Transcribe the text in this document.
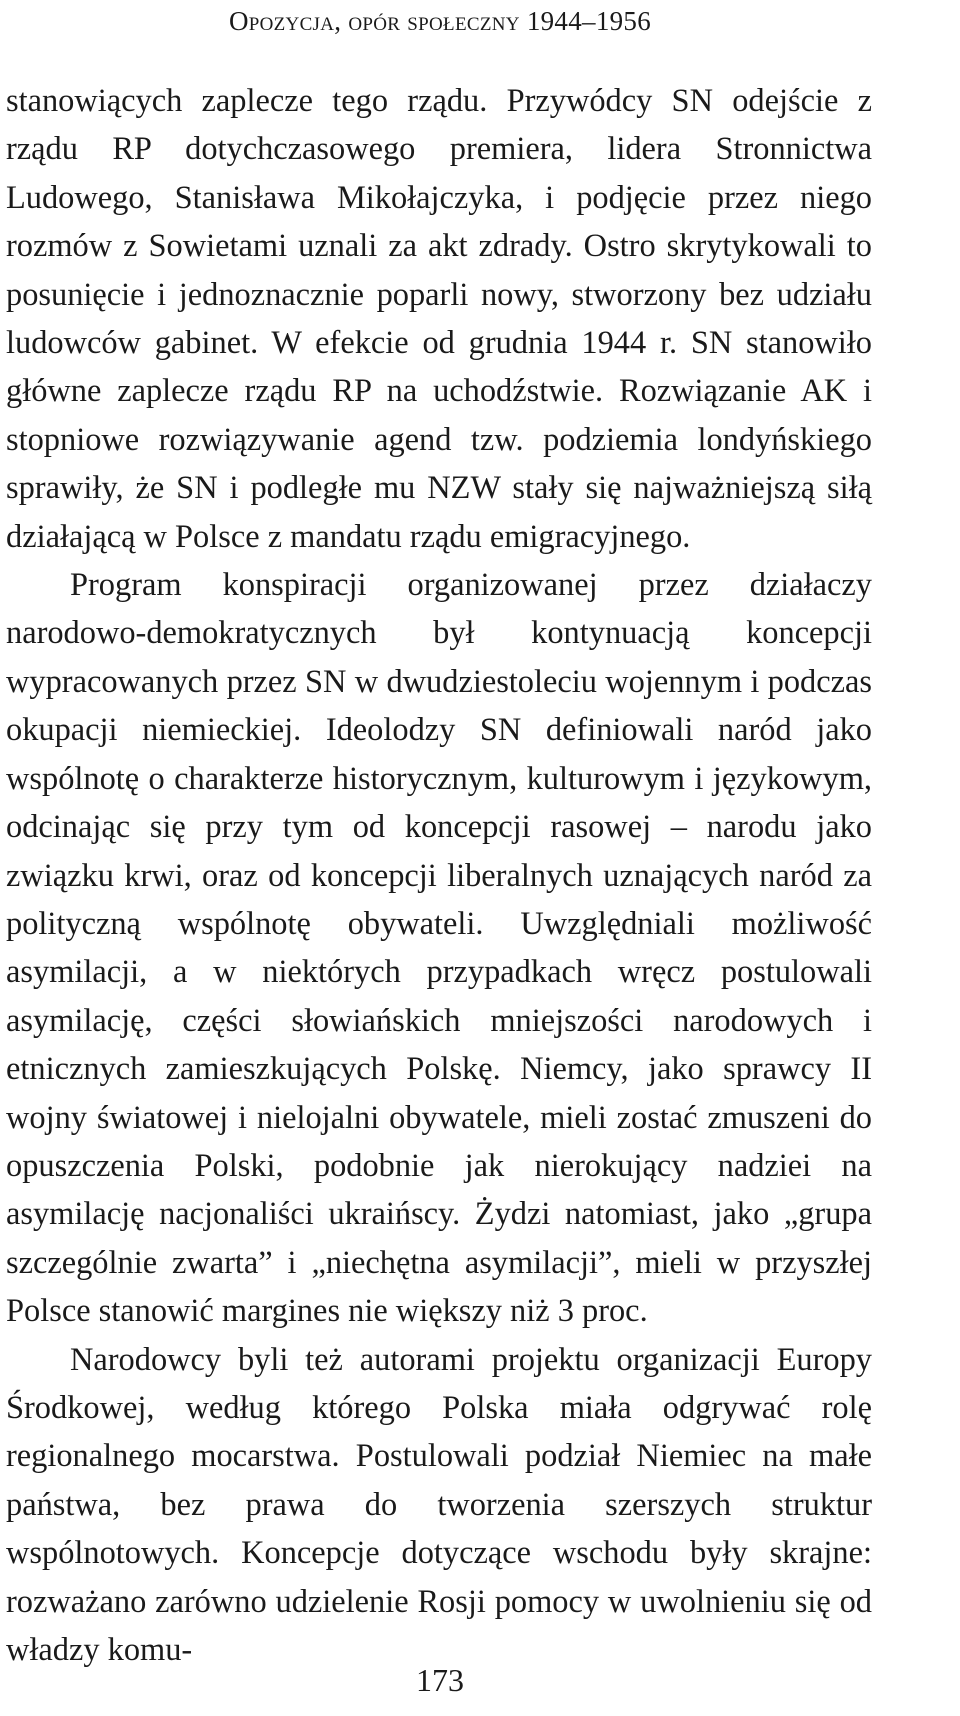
Opozycja, opór społeczny 1944–1956

stanowiących zaplecze tego rządu. Przywódcy SN odejście z rządu RP dotychczasowego premiera, lidera Stronnictwa Ludowego, Stanisława Mikołajczyka, i podjęcie przez niego rozmów z Sowietami uznali za akt zdrady. Ostro skrytykowali to posunięcie i jednoznacznie poparli nowy, stworzony bez udziału ludowców gabinet. W efekcie od grudnia 1944 r. SN stanowiło główne zaplecze rządu RP na uchodźstwie. Rozwiązanie AK i stopniowe rozwiązywanie agend tzw. podziemia londyńskiego sprawiły, że SN i podległe mu NZW stały się najważniejszą siłą działającą w Polsce z mandatu rządu emigracyjnego.

Program konspiracji organizowanej przez działaczy narodowo-demokratycznych był kontynuacją koncepcji wypracowanych przez SN w dwudziestoleciu wojennym i podczas okupacji niemieckiej. Ideolodzy SN definiowali naród jako wspólnotę o charakterze historycznym, kulturowym i językowym, odcinając się przy tym od koncepcji rasowej – narodu jako związku krwi, oraz od koncepcji liberalnych uznających naród za polityczną wspólnotę obywateli. Uwzględniali możliwość asymilacji, a w niektórych przypadkach wręcz postulowali asymilację, części słowiańskich mniejszości narodowych i etnicznych zamieszkujących Polskę. Niemcy, jako sprawcy II wojny światowej i nielojalni obywatele, mieli zostać zmuszeni do opuszczenia Polski, podobnie jak nierokujący nadziei na asymilację nacjonaliści ukraińscy. Żydzi natomiast, jako „grupa szczególnie zwarta” i „niechętna asymilacji”, mieli w przyszłej Polsce stanowić margines nie większy niż 3 proc.

Narodowcy byli też autorami projektu organizacji Europy Środkowej, według którego Polska miała odgrywać rolę regionalnego mocarstwa. Postulowali podział Niemiec na małe państwa, bez prawa do tworzenia szerszych struktur wspólnotowych. Koncepcje dotyczące wschodu były skrajne: rozważano zarówno udzielenie Rosji pomocy w uwolnieniu się od władzy komu-

173
